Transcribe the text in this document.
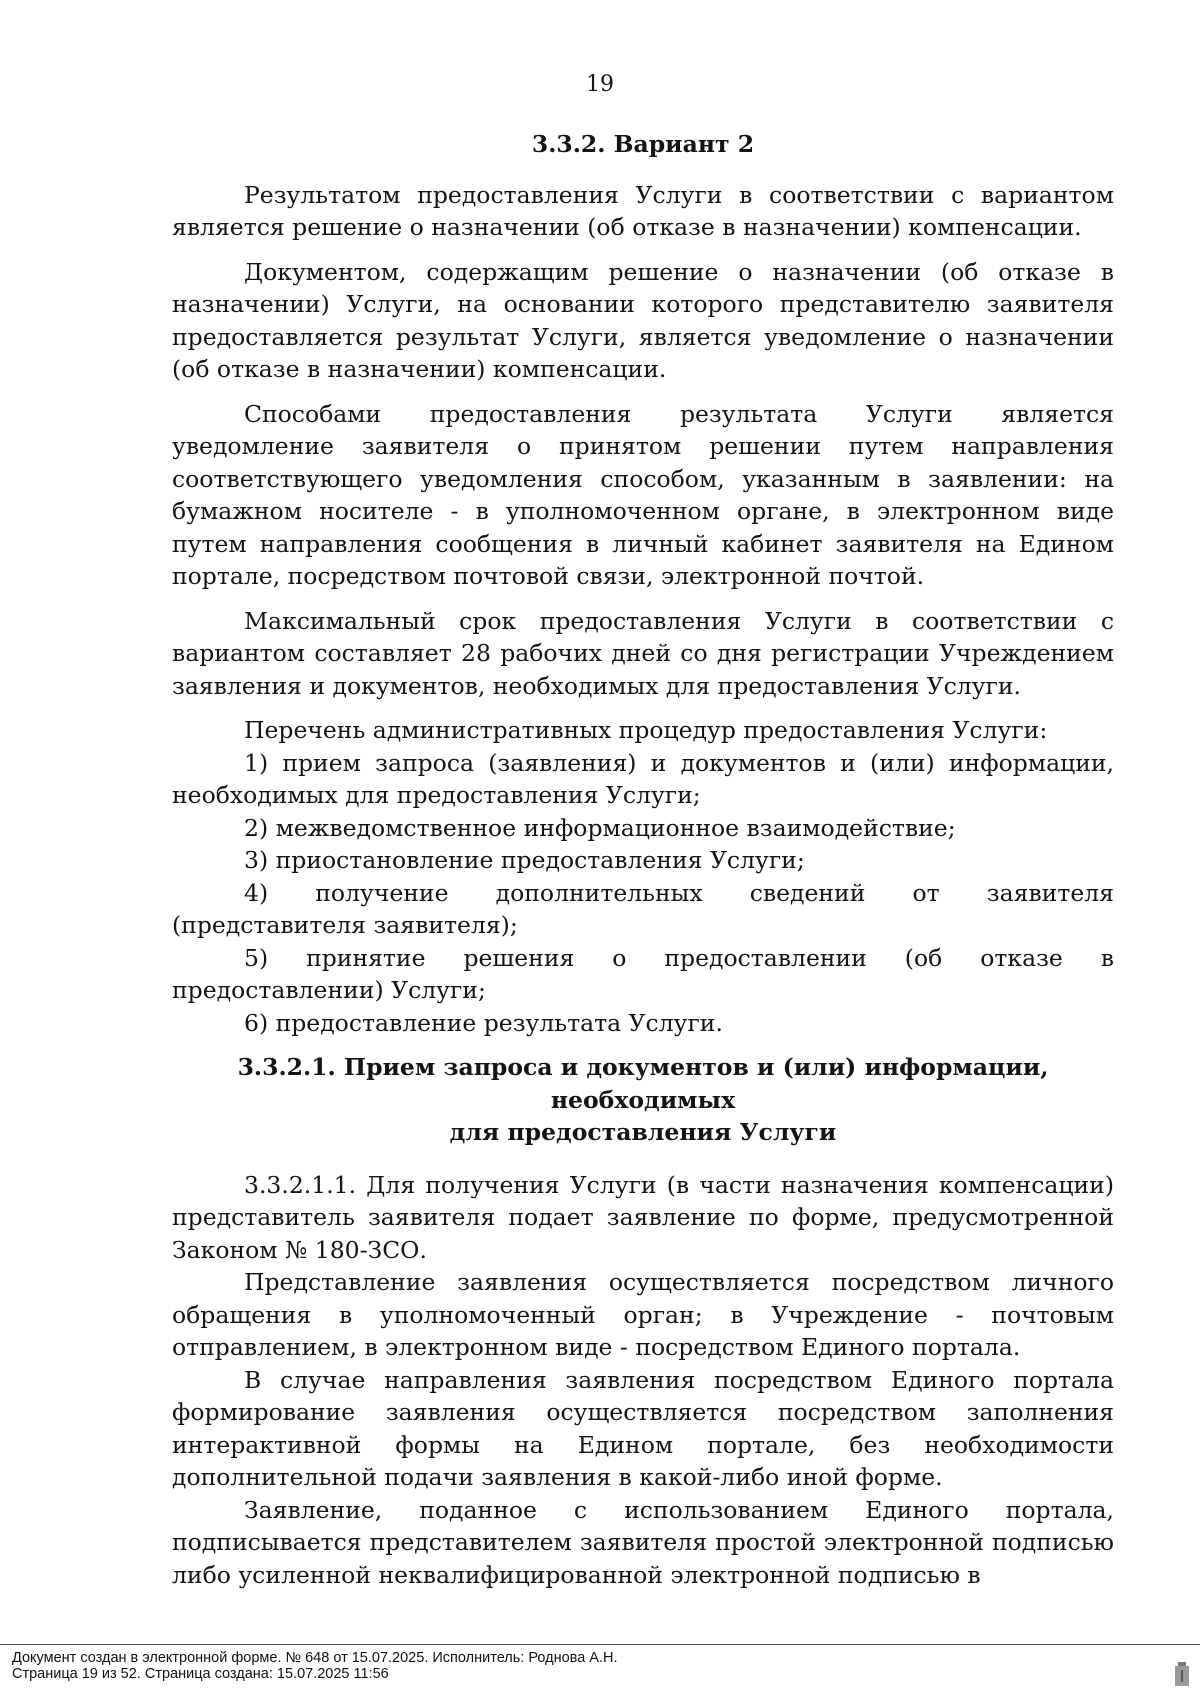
19
3.3.2. Вариант 2

Результатом предоставления Услуги в соответствии с вариантом является решение о назначении (об отказе в назначении) компенсации.

Документом, содержащим решение о назначении (об отказе в назначении) Услуги, на основании которого представителю заявителя предоставляется результат Услуги, является уведомление о назначении (об отказе в назначении) компенсации.

Способами предоставления результата Услуги является уведомление заявителя о принятом решении путем направления соответствующего уведомления способом, указанным в заявлении: на бумажном носителе - в уполномоченном органе, в электронном виде путем направления сообщения в личный кабинет заявителя на Едином портале, посредством почтовой связи, электронной почтой.

Максимальный срок предоставления Услуги в соответствии с вариантом составляет 28 рабочих дней со дня регистрации Учреждением заявления и документов, необходимых для предоставления Услуги.

Перечень административных процедур предоставления Услуги:

1) прием запроса (заявления) и документов и (или) информации, необходимых для предоставления Услуги;

2) межведомственное информационное взаимодействие;

3) приостановление предоставления Услуги;

4) получение дополнительных сведений от заявителя (представителя заявителя);

5) принятие решения о предоставлении (об отказе в предоставлении) Услуги;

6) предоставление результата Услуги.

3.3.2.1. Прием запроса и документов и (или) информации, необходимых
для предоставления Услуги

3.3.2.1.1. Для получения Услуги (в части назначения компенсации) представитель заявителя подает заявление по форме, предусмотренной Законом № 180-ЗСО.

Представление заявления осуществляется посредством личного обращения в уполномоченный орган; в Учреждение - почтовым отправлением, в электронном виде - посредством Единого портала.

В случае направления заявления посредством Единого портала формирование заявления осуществляется посредством заполнения интерактивной формы на Едином портале, без необходимости дополнительной подачи заявления в какой-либо иной форме.

Заявление, поданное с использованием Единого портала, подписывается представителем заявителя простой электронной подписью либо усиленной неквалифицированной электронной подписью в

Документ создан в электронной форме. № 648 от 15.07.2025. Исполнитель: Роднова А.Н.
Страница 19 из 52. Страница создана: 15.07.2025 11:56
